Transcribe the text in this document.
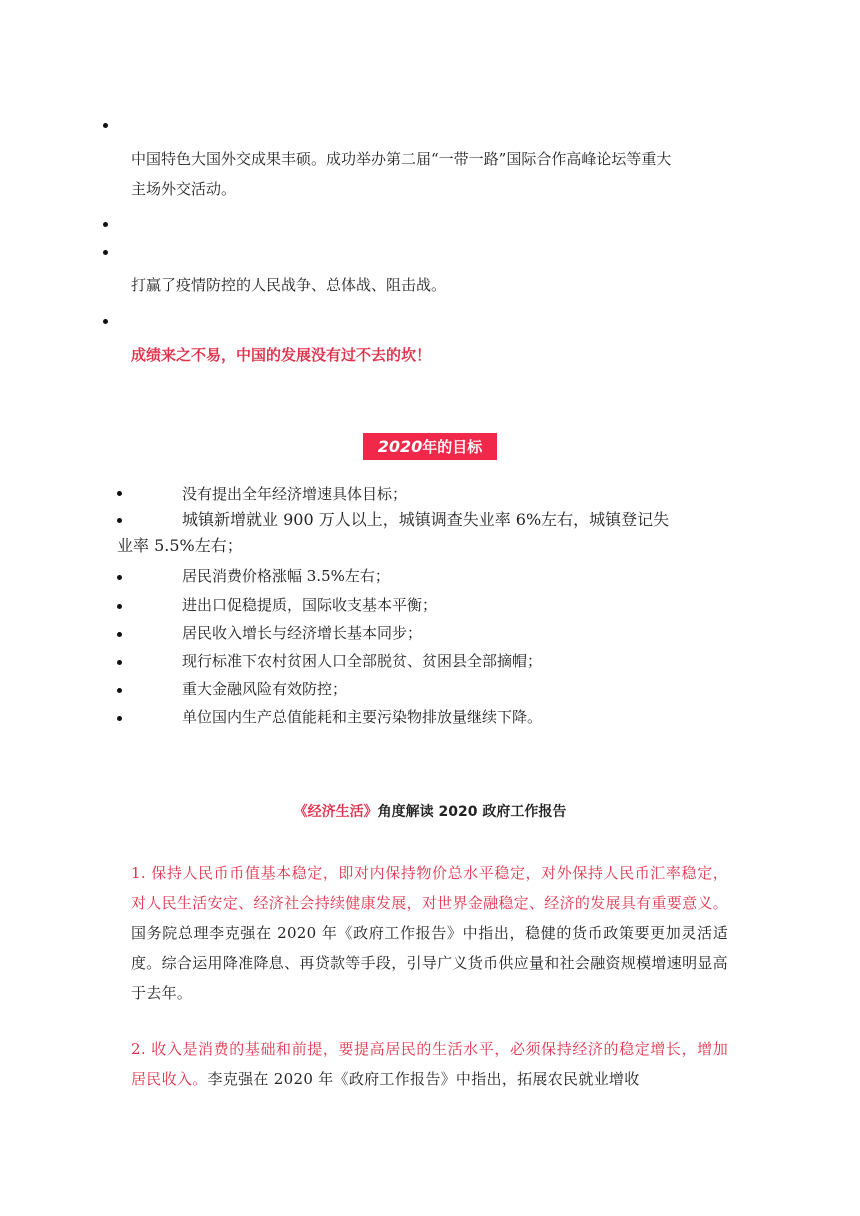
中国特色大国外交成果丰硕。成功举办第二届“一带一路”国际合作高峰论坛等重大
主场外交活动。
打赢了疫情防控的人民战争、总体战、阻击战。
成绩来之不易，中国的发展没有过不去的坎！
2020年的目标
没有提出全年经济增速具体目标；
城镇新增就业 900 万人以上，城镇调查失业率 6%左右，城镇登记失
业率 5.5%左右；
居民消费价格涨幅 3.5%左右；
进出口促稳提质，国际收支基本平衡；
居民收入增长与经济增长基本同步；
现行标准下农村贫困人口全部脱贫、贫困县全部摘帽；
重大金融风险有效防控；
单位国内生产总值能耗和主要污染物排放量继续下降。
《经济生活》角度解读 2020 政府工作报告
1. 保持人民币币值基本稳定，即对内保持物价总水平稳定，对外保持人民币汇率稳定，对人民生活安定、经济社会持续健康发展，对世界金融稳定、经济的发展具有重要意义。国务院总理李克强在 2020 年《政府工作报告》中指出，稳健的货币政策要更加灵活适度。综合运用降准降息、再贷款等手段，引导广义货币供应量和社会融资规模增速明显高于去年。
2. 收入是消费的基础和前提，要提高居民的生活水平，必须保持经济的稳定增长，增加居民收入。李克强在 2020 年《政府工作报告》中指出，拓展农民就业增收
